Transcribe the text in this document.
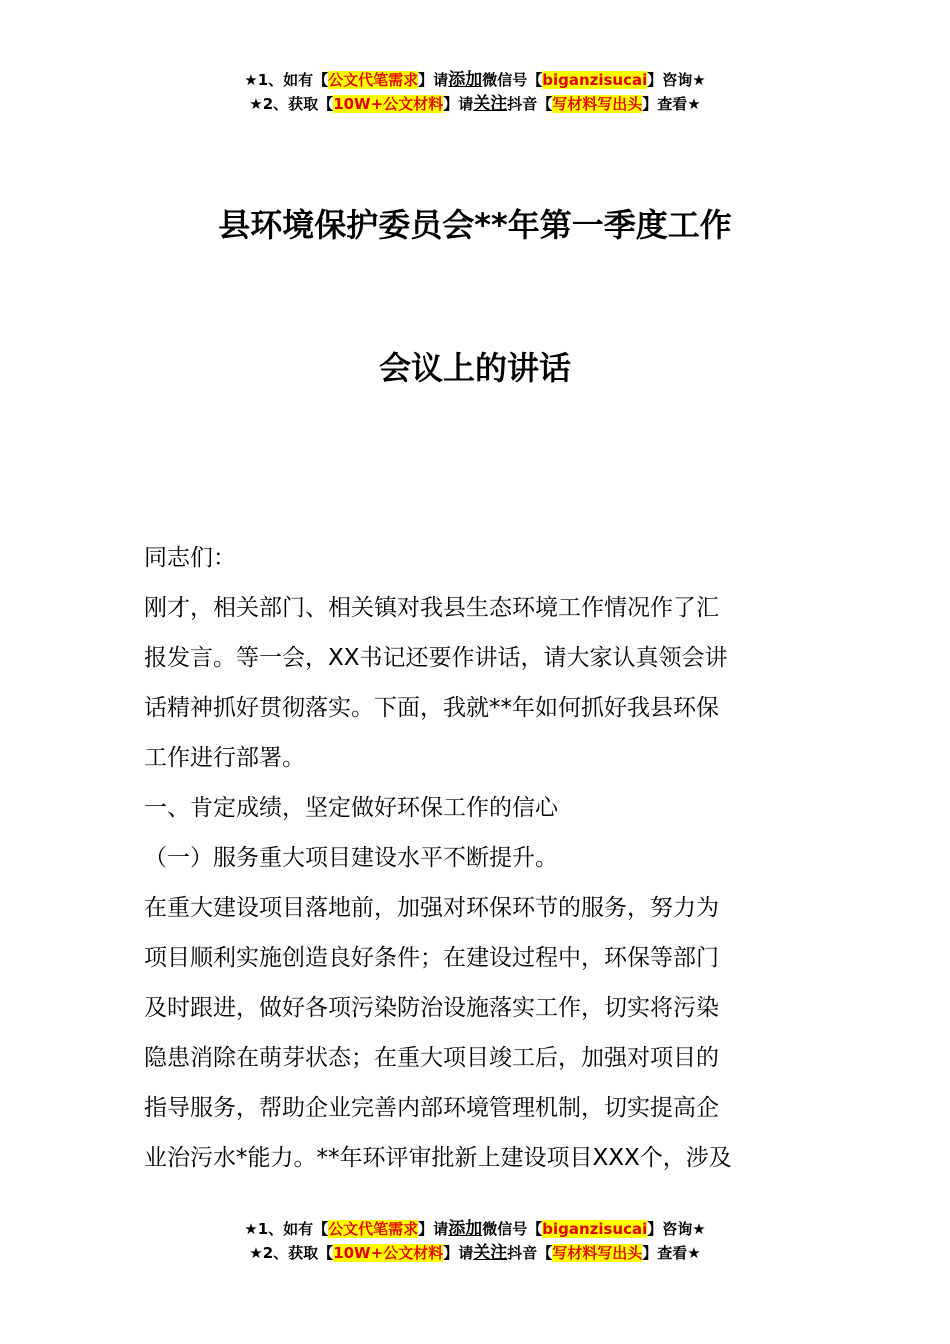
★1、如有【公文代笔需求】请添加微信号【biganzisucai】咨询★
★2、获取【10W+公文材料】请关注抖音【写材料写出头】查看★
县环境保护委员会**年第一季度工作
会议上的讲话

同志们：

刚才，相关部门、相关镇对我县生态环境工作情况作了汇

报发言。等一会，XX书记还要作讲话，请大家认真领会讲

话精神抓好贯彻落实。下面，我就**年如何抓好我县环保

工作进行部署。

一、肯定成绩，坚定做好环保工作的信心

（一）服务重大项目建设水平不断提升。

在重大建设项目落地前，加强对环保环节的服务，努力为

项目顺利实施创造良好条件；在建设过程中，环保等部门

及时跟进，做好各项污染防治设施落实工作，切实将污染

隐患消除在萌芽状态；在重大项目竣工后，加强对项目的

指导服务，帮助企业完善内部环境管理机制，切实提高企

业治污水*能力。**年环评审批新上建设项目XXX个，涉及

★1、如有【公文代笔需求】请添加微信号【biganzisucai】咨询★
★2、获取【10W+公文材料】请关注抖音【写材料写出头】查看★
